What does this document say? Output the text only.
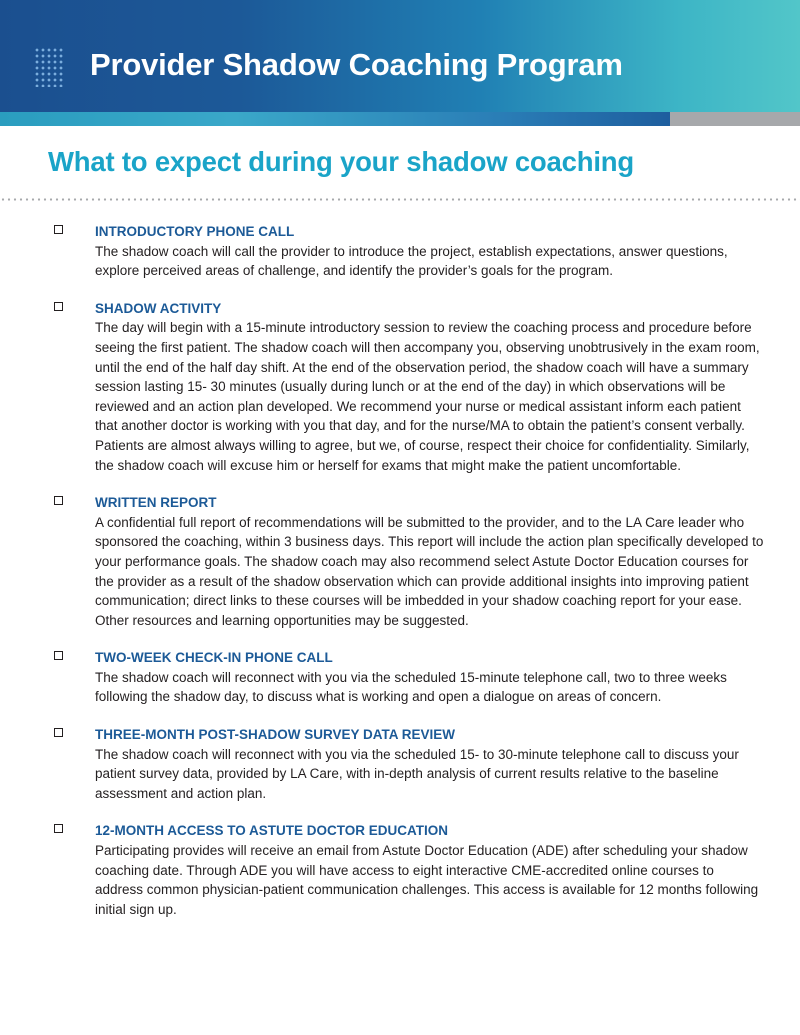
Provider Shadow Coaching Program
What to expect during your shadow coaching
INTRODUCTORY PHONE CALL
The shadow coach will call the provider to introduce the project, establish expectations, answer questions, explore perceived areas of challenge, and identify the provider’s goals for the program.
SHADOW ACTIVITY
The day will begin with a 15-minute introductory session to review the coaching process and procedure before seeing the first patient. The shadow coach will then accompany you, observing unobtrusively in the exam room, until the end of the half day shift. At the end of the observation period, the shadow coach will have a summary session lasting 15- 30 minutes (usually during lunch or at the end of the day) in which observations will be reviewed and an action plan developed. We recommend your nurse or medical assistant inform each patient that another doctor is working with you that day, and for the nurse/MA to obtain the patient’s consent verbally. Patients are almost always willing to agree, but we, of course, respect their choice for confidentiality. Similarly, the shadow coach will excuse him or herself for exams that might make the patient uncomfortable.
WRITTEN REPORT
A confidential full report of recommendations will be submitted to the provider, and to the LA Care leader who sponsored the coaching, within 3 business days. This report will include the action plan specifically developed to your performance goals. The shadow coach may also recommend select Astute Doctor Education courses for the provider as a result of the shadow observation which can provide additional insights into improving patient communication; direct links to these courses will be imbedded in your shadow coaching report for your ease. Other resources and learning opportunities may be suggested.
TWO-WEEK CHECK-IN PHONE CALL
The shadow coach will reconnect with you via the scheduled 15-minute telephone call, two to three weeks following the shadow day, to discuss what is working and open a dialogue on areas of concern.
THREE-MONTH POST-SHADOW SURVEY DATA REVIEW
The shadow coach will reconnect with you via the scheduled 15- to 30-minute telephone call to discuss your patient survey data, provided by LA Care, with in-depth analysis of current results relative to the baseline assessment and action plan.
12-MONTH ACCESS TO ASTUTE DOCTOR EDUCATION
Participating provides will receive an email from Astute Doctor Education (ADE) after scheduling your shadow coaching date. Through ADE you will have access to eight interactive CME-accredited online courses to address common physician-patient communication challenges. This access is available for 12 months following initial sign up.
